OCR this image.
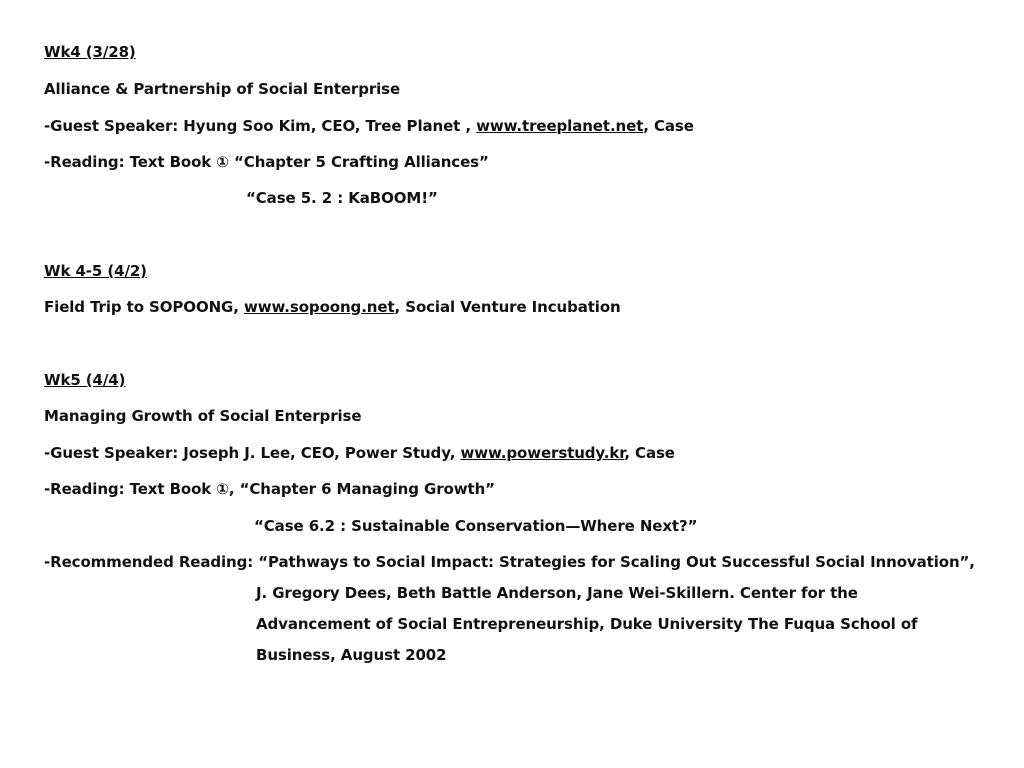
Wk4 (3/28)
Alliance & Partnership of Social Enterprise
-Guest Speaker: Hyung Soo Kim, CEO, Tree Planet , www.treeplanet.net, Case
-Reading: Text Book ① “Chapter 5 Crafting Alliances”
“Case 5. 2 : KaBOOM!”
Wk 4-5 (4/2)
Field Trip to SOPOONG, www.sopoong.net, Social Venture Incubation
Wk5 (4/4)
Managing Growth of Social Enterprise
-Guest Speaker: Joseph J. Lee, CEO, Power Study, www.powerstudy.kr, Case
-Reading: Text Book ①, “Chapter 6 Managing Growth”
“Case 6.2 : Sustainable Conservation—Where Next?”
-Recommended Reading: “Pathways to Social Impact: Strategies for Scaling Out Successful Social Innovation”,
J. Gregory Dees, Beth Battle Anderson, Jane Wei-Skillern. Center for the
Advancement of Social Entrepreneurship, Duke University The Fuqua School of
Business, August 2002
